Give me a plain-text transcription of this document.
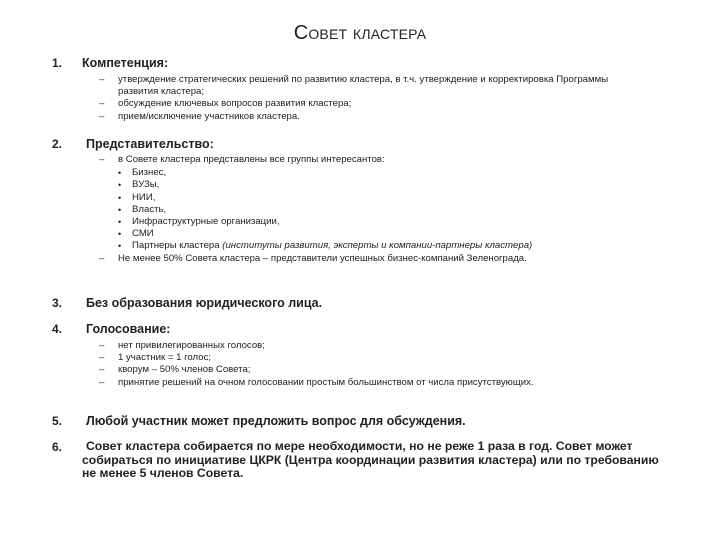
Совет кластера
1. Компетенция:
– утверждение стратегических решений по развитию кластера, в т.ч. утверждение и корректировка Программы развития кластера;
– обсуждение ключевых вопросов развития кластера;
– прием/исключение участников кластера.
2. Представительство:
– в Совете кластера представлены все группы интересантов:
• Бизнес,
• ВУЗы,
• НИИ,
• Власть,
• Инфраструктурные организации,
• СМИ
• Партнеры кластера (институты развития, эксперты и компании-партнеры кластера)
– Не менее 50% Совета кластера – представители успешных бизнес-компаний Зеленограда.
3. Без образования юридического лица.
4. Голосование:
– нет привилегированных голосов;
– 1 участник = 1 голос;
– кворум – 50% членов Совета;
– принятие решений на очном голосовании простым большинством от числа присутствующих.
5. Любой участник может предложить вопрос для обсуждения.
6.	Совет кластера собирается по мере необходимости, но не реже 1 раза в год. Совет может собираться по инициативе ЦКРК (Центра координации развития кластера) или по требованию не менее 5 членов Совета.
